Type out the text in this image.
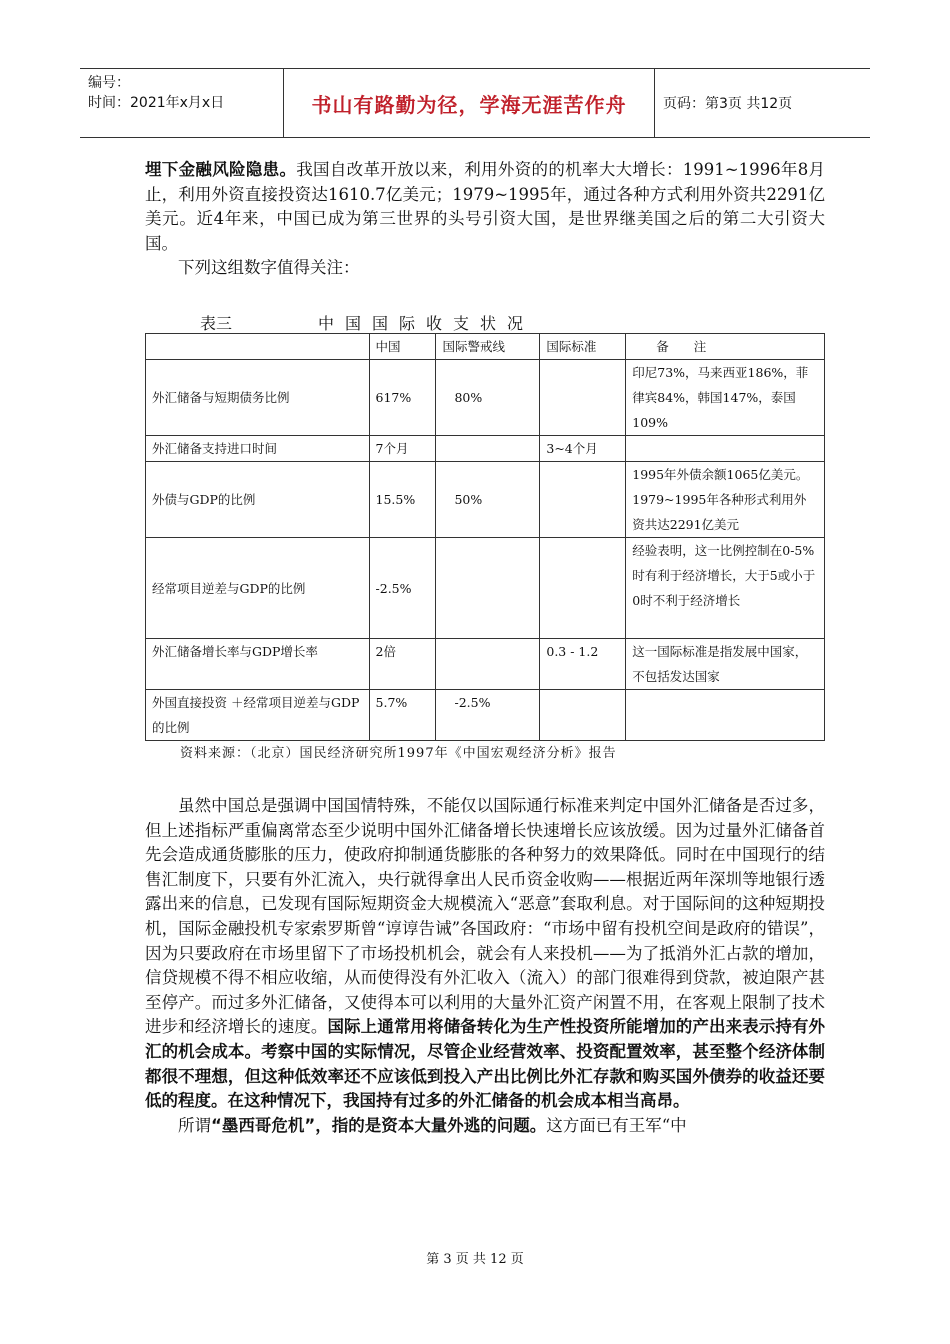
编号：
时间：2021年x月x日	书山有路勤为径，学海无涯苦作舟	页码：第3页 共12页

埋下金融风险隐患。我国自改革开放以来，利用外资的的机率大大增长：1991~1996年8月止，利用外资直接投资达1610.7亿美元；1979~1995年，通过各种方式利用外资共2291亿美元。近4年来，中国已成为第三世界的头号引资大国，是世界继美国之后的第二大引资大国。

下列这组数字值得关注：

表三	中国国际收支状况
	中国	国际警戒线	国际标准	备　　注
外汇储备与短期债务比例	617%	80%		印尼73%，马来西亚186%，菲律宾84%，韩国147%，泰国109%
外汇储备支持进口时间	7个月		3~4个月	
外债与GDP的比例	15.5%	50%		1995年外债余额1065亿美元。1979~1995年各种形式利用外资共达2291亿美元
经常项目逆差与GDP的比例	-2.5%			经验表明，这一比例控制在0-5%时有利于经济增长，大于5或小于0时不利于经济增长
外汇储备增长率与GDP增长率	2倍		0.3 - 1.2	这一国际标准是指发展中国家，不包括发达国家
外国直接投资 ＋经常项目逆差与GDP的比例	5.7%	-2.5%		
资料来源：（北京）国民经济研究所1997年《中国宏观经济分析》报告

虽然中国总是强调中国国情特殊，不能仅以国际通行标准来判定中国外汇储备是否过多，但上述指标严重偏离常态至少说明中国外汇储备增长快速增长应该放缓。因为过量外汇储备首先会造成通货膨胀的压力，使政府抑制通货膨胀的各种努力的效果降低。同时在中国现行的结售汇制度下，只要有外汇流入，央行就得拿出人民币资金收购——根据近两年深圳等地银行透露出来的信息，已发现有国际短期资金大规模流入“恶意”套取利息。对于国际间的这种短期投机，国际金融投机专家索罗斯曾“谆谆告诫”各国政府：“市场中留有投机空间是政府的错误”，因为只要政府在市场里留下了市场投机机会，就会有人来投机——为了抵消外汇占款的增加，信贷规模不得不相应收缩，从而使得没有外汇收入（流入）的部门很难得到贷款，被迫限产甚至停产。而过多外汇储备，又使得本可以利用的大量外汇资产闲置不用，在客观上限制了技术进步和经济增长的速度。国际上通常用将储备转化为生产性投资所能增加的产出来表示持有外汇的机会成本。考察中国的实际情况，尽管企业经营效率、投资配置效率，甚至整个经济体制都很不理想，但这种低效率还不应该低到投入产出比例比外汇存款和购买国外债券的收益还要低的程度。在这种情况下，我国持有过多的外汇储备的机会成本相当高昂。

所谓“墨西哥危机”，指的是资本大量外逃的问题。这方面已有王军“中

第 3 页 共 12 页
